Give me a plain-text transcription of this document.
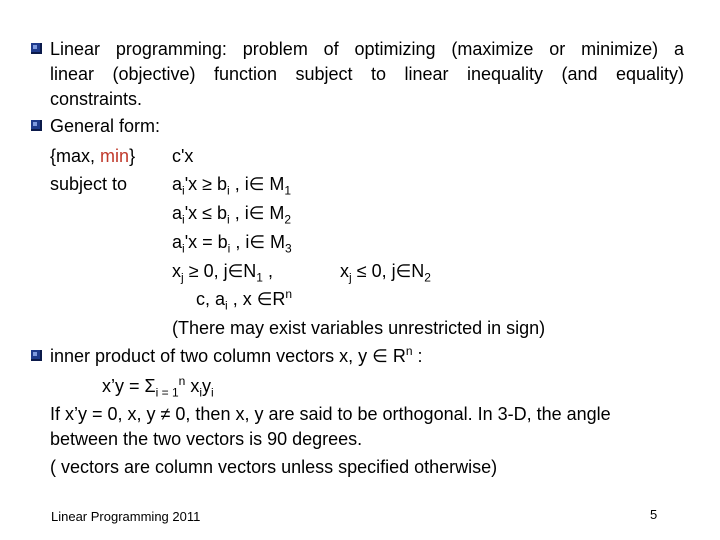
Linear programming: problem of optimizing (maximize or minimize) a
linear (objective) function subject to linear inequality (and equality)
constraints.
General form:
{max, min} c'x
subject to $a_i'x \ge b_i$ , i∈ $M_1$
$a_i'x \le b_i$ , i∈ $M_2$
$a_i'x = b_i$ , i∈ $M_3$
$x_j \ge 0$, $j\in N_1$ ,	$x_j \le 0$, $j\in N_2$
c, $a_i$ , x $\in R^n$
(There may exist variables unrestricted in sign)
inner product of two column vectors x, y ∈ $R^n$ :
x’y = $\Sigma_{i = 1}^n$ $x_iy_i$
If x’y = 0, x, y ≠ 0, then x, y are said to be orthogonal. In 3-D, the angle
between the two vectors is 90 degrees.
( vectors are column vectors unless specified otherwise)
Linear Programming 2011	5
